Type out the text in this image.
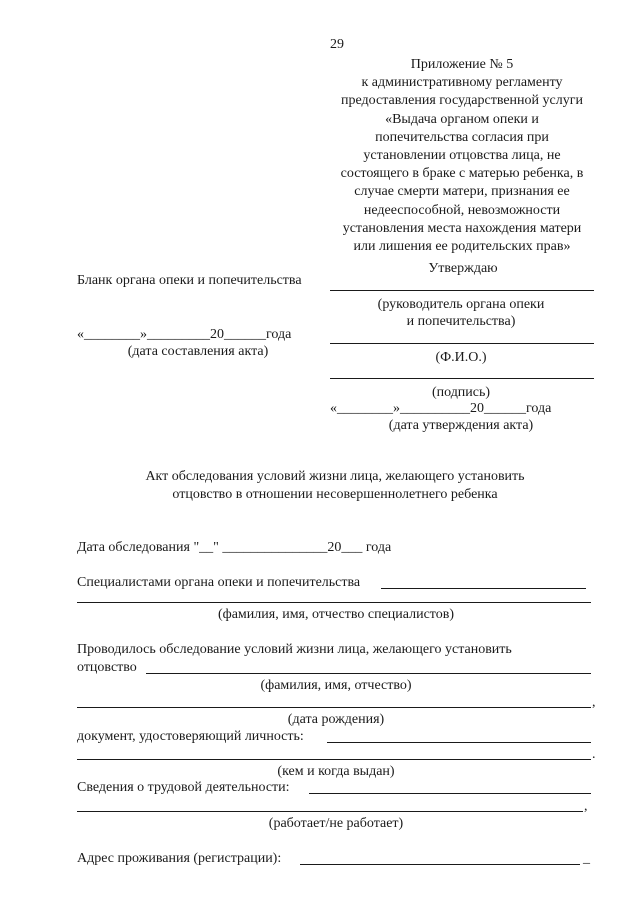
29
Приложение № 5
к административному регламенту
предоставления государственной услуги
«Выдача органом опеки и
попечительства согласия при
установлении отцовства лица, не
состоящего в браке с матерью ребенка, в
случае смерти матери, признания ее
недееспособной, невозможности
установления места нахождения матери
или лишения ее родительских прав»
Бланк органа опеки и попечительства
«________»_________20______года
(дата составления акта)
Утверждаю
(руководитель органа опеки
и попечительства)
(Ф.И.О.)
(подпись)
«________»__________20______года
(дата утверждения акта)
Акт обследования условий жизни лица, желающего установить
отцовство в отношении несовершеннолетнего ребенка
Дата обследования "__" _______________20___ года
Специалистами органа опеки и попечительства
(фамилия, имя, отчество специалистов)
Проводилось обследование условий жизни лица, желающего установить
отцовство
(фамилия, имя, отчество)
,
(дата рождения)
документ, удостоверяющий личность:
.
(кем и когда выдан)
Сведения о трудовой деятельности:
,
(работает/не работает)
Адрес проживания (регистрации):	_
